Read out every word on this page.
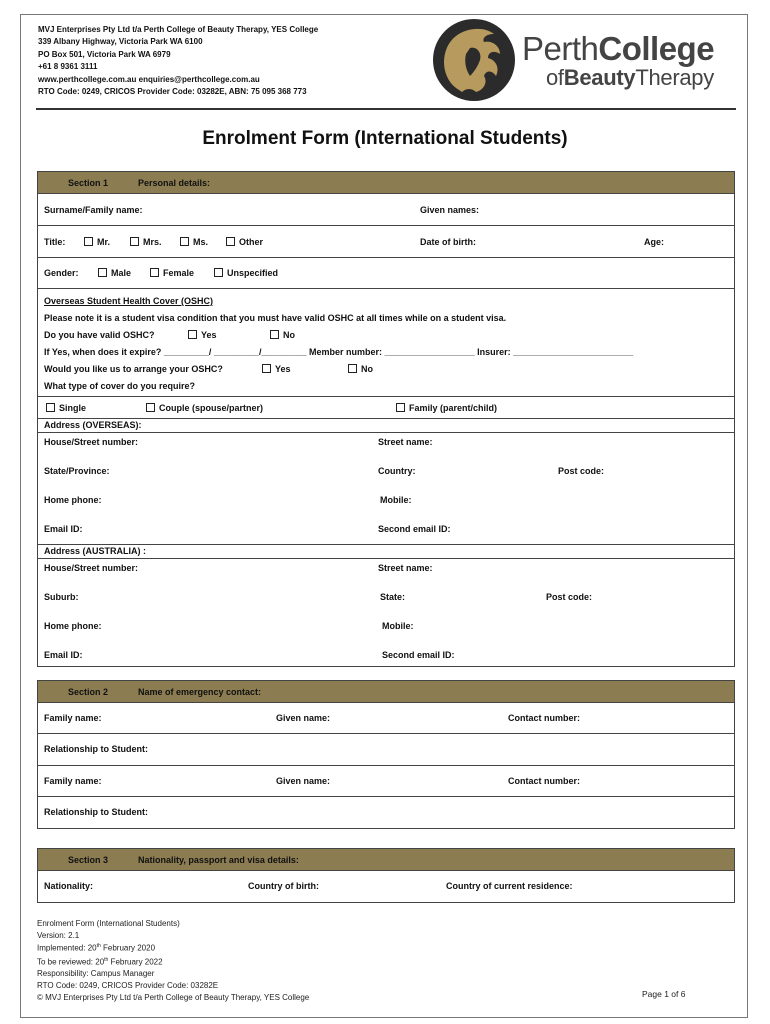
MVJ Enterprises Pty Ltd t/a Perth College of Beauty Therapy, YES College
339 Albany Highway, Victoria Park WA 6100
PO Box 501, Victoria Park WA 6979
+61 8 9361 3111
www.perthcollege.com.au enquiries@perthcollege.com.au
RTO Code: 0249, CRICOS Provider Code: 03282E, ABN: 75 095 368 773
PerthCollege
ofBeautyTherapy
Enrolment Form (International Students)
Section 1	Personal details:
Surname/Family name:	Given names:
Title:	Mr.	Mrs.	Ms.	Other	Date of birth:	Age:
Gender:	Male	Female	Unspecified
Overseas Student Health Cover (OSHC)
Please note it is a student visa condition that you must have valid OSHC at all times while on a student visa.
Do you have valid OSHC?	Yes	No
If Yes, when does it expire? _________/ _________/_________ Member number: __________________ Insurer: ________________________
Would you like us to arrange your OSHC?	Yes	No
What type of cover do you require?
Single	Couple (spouse/partner)	Family (parent/child)
Address (OVERSEAS):
House/Street number:	Street name:
State/Province:	Country:	Post code:
Home phone:	Mobile:
Email ID:	Second email ID:
Address (AUSTRALIA) :
House/Street number:	Street name:
Suburb:	State:	Post code:
Home phone:	Mobile:
Email ID:	Second email ID:
Section 2	Name of emergency contact:
Family name:	Given name:	Contact number:
Relationship to Student:
Family name:	Given name:	Contact number:
Relationship to Student:
Section 3	Nationality, passport and visa details:
Nationality:	Country of birth:	Country of current residence:
Enrolment Form (International Students)
Version: 2.1
Implemented: 20th February 2020
To be reviewed: 20th February 2022
Responsibility: Campus Manager
RTO Code: 0249, CRICOS Provider Code: 03282E
© MVJ Enterprises Pty Ltd t/a Perth College of Beauty Therapy, YES College	Page 1 of 6
